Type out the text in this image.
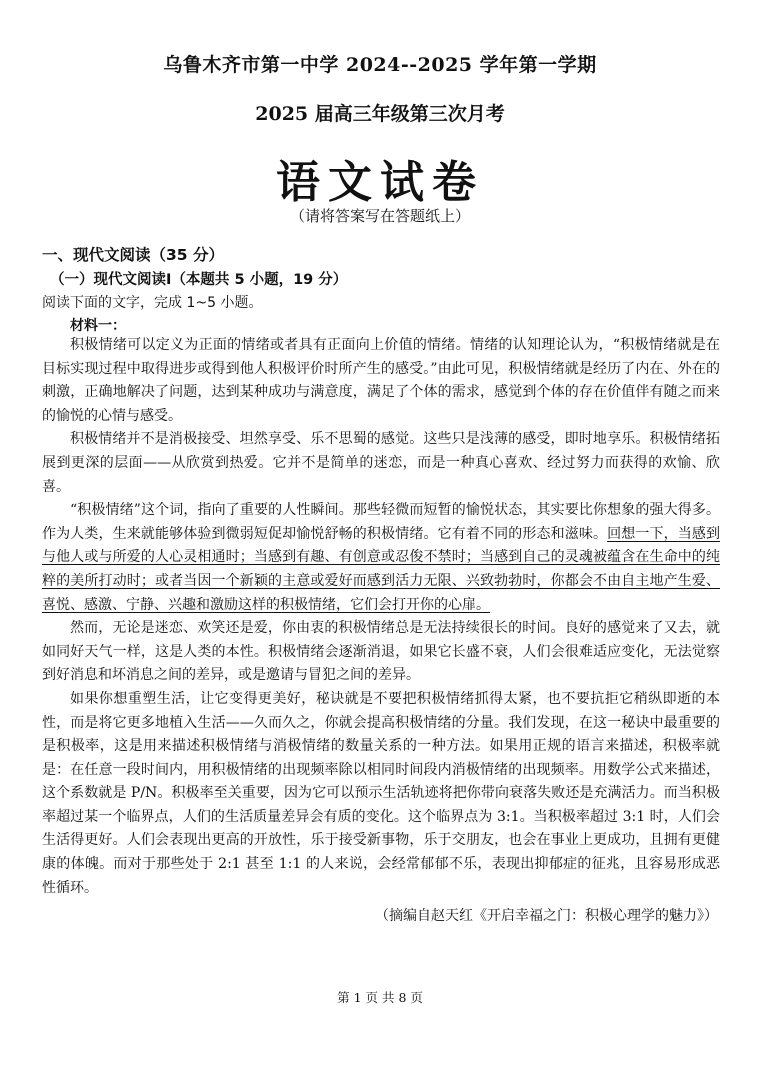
乌鲁木齐市第一中学 2024--2025 学年第一学期
2025 届高三年级第三次月考
语文试卷
（请将答案写在答题纸上）
一、现代文阅读（35 分）
（一）现代文阅读Ⅰ（本题共 5 小题，19 分）
阅读下面的文字，完成 1~5 小题。
材料一：

积极情绪可以定义为正面的情绪或者具有正面向上价值的情绪。情绪的认知理论认为，“积极情绪就是在目标实现过程中取得进步或得到他人积极评价时所产生的感受。”由此可见，积极情绪就是经历了内在、外在的刺激，正确地解决了问题，达到某种成功与满意度，满足了个体的需求，感觉到个体的存在价值伴有随之而来的愉悦的心情与感受。

积极情绪并不是消极接受、坦然享受、乐不思蜀的感觉。这些只是浅薄的感受，即时地享乐。积极情绪拓展到更深的层面——从欣赏到热爱。它并不是简单的迷恋，而是一种真心喜欢、经过努力而获得的欢愉、欣喜。

“积极情绪”这个词，指向了重要的人性瞬间。那些轻微而短暂的愉悦状态，其实要比你想象的强大得多。作为人类，生来就能够体验到微弱短促却愉悦舒畅的积极情绪。它有着不同的形态和滋味。回想一下，当感到与他人或与所爱的人心灵相通时；当感到有趣、有创意或忍俊不禁时；当感到自己的灵魂被蕴含在生命中的纯粹的美所打动时；或者当因一个新颖的主意或爱好而感到活力无限、兴致勃勃时，你都会不由自主地产生爱、喜悦、感激、宁静、兴趣和激励这样的积极情绪，它们会打开你的心扉。

然而，无论是迷恋、欢笑还是爱，你由衷的积极情绪总是无法持续很长的时间。良好的感觉来了又去，就如同好天气一样，这是人类的本性。积极情绪会逐渐消退，如果它长盛不衰，人们会很难适应变化，无法觉察到好消息和坏消息之间的差异，或是邀请与冒犯之间的差异。

如果你想重塑生活，让它变得更美好，秘诀就是不要把积极情绪抓得太紧，也不要抗拒它稍纵即逝的本性，而是将它更多地植入生活——久而久之，你就会提高积极情绪的分量。我们发现，在这一秘诀中最重要的是积极率，这是用来描述积极情绪与消极情绪的数量关系的一种方法。如果用正规的语言来描述，积极率就是：在任意一段时间内，用积极情绪的出现频率除以相同时间段内消极情绪的出现频率。用数学公式来描述，这个系数就是 P/N。积极率至关重要，因为它可以预示生活轨迹将把你带向衰落失败还是充满活力。而当积极率超过某一个临界点，人们的生活质量差异会有质的变化。这个临界点为 3:1。当积极率超过 3:1 时，人们会生活得更好。人们会表现出更高的开放性，乐于接受新事物，乐于交朋友，也会在事业上更成功，且拥有更健康的体魄。而对于那些处于 2:1 甚至 1:1 的人来说，会经常郁郁不乐，表现出抑郁症的征兆，且容易形成恶性循环。

（摘编自赵天红《开启幸福之门：积极心理学的魅力》）
第 1 页 共 8 页
